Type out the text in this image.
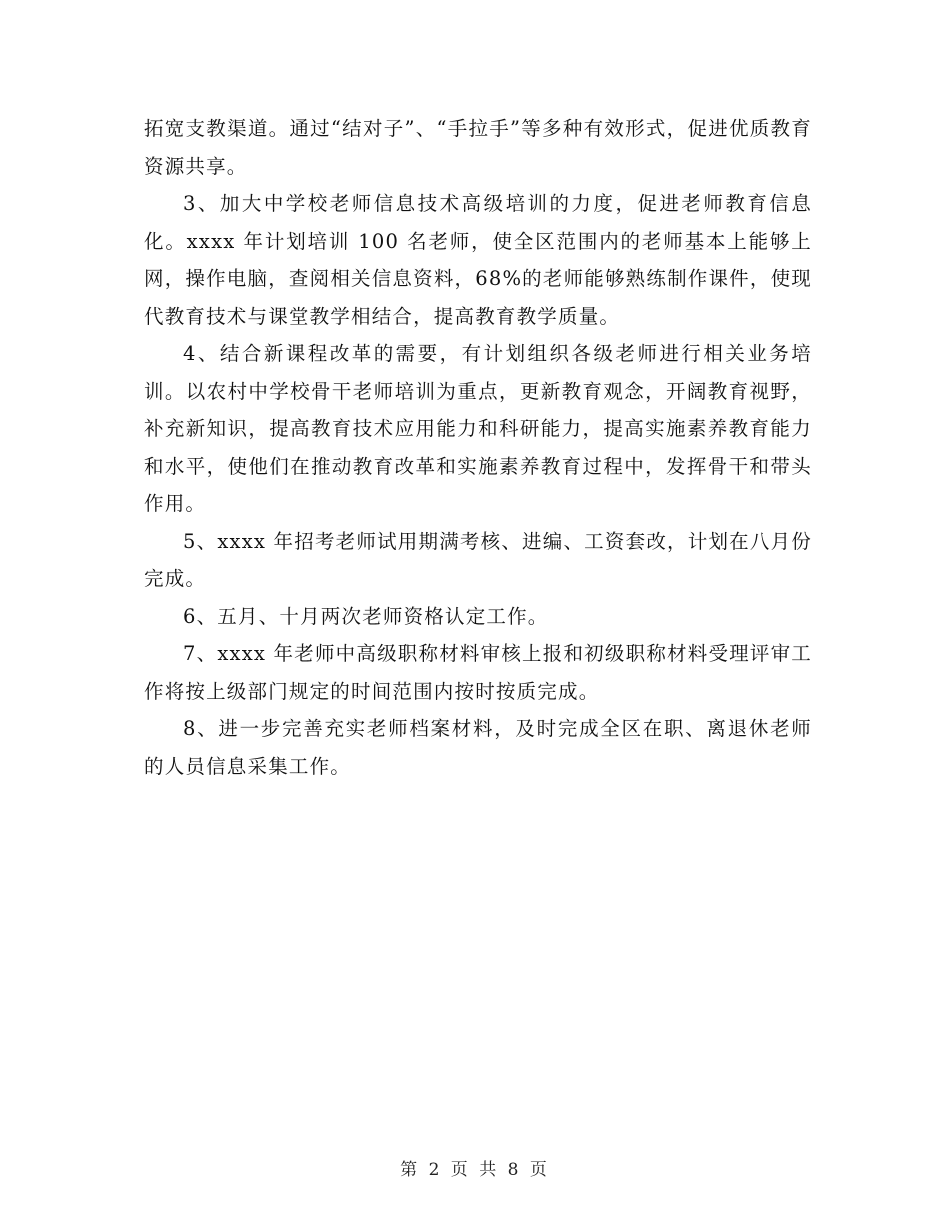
拓宽支教渠道。通过“结对子”、“手拉手”等多种有效形式，促进优质教育资源共享。

3、加大中学校老师信息技术高级培训的力度，促进老师教育信息化。xxxx 年计划培训 100 名老师，使全区范围内的老师基本上能够上网，操作电脑，查阅相关信息资料，68%的老师能够熟练制作课件，使现代教育技术与课堂教学相结合，提高教育教学质量。

4、结合新课程改革的需要，有计划组织各级老师进行相关业务培训。以农村中学校骨干老师培训为重点，更新教育观念，开阔教育视野，补充新知识，提高教育技术应用能力和科研能力，提高实施素养教育能力和水平，使他们在推动教育改革和实施素养教育过程中，发挥骨干和带头作用。

5、xxxx 年招考老师试用期满考核、进编、工资套改，计划在八月份完成。

6、五月、十月两次老师资格认定工作。

7、xxxx 年老师中高级职称材料审核上报和初级职称材料受理评审工作将按上级部门规定的时间范围内按时按质完成。

8、进一步完善充实老师档案材料，及时完成全区在职、离退休老师的人员信息采集工作。

第 2 页 共 8 页
